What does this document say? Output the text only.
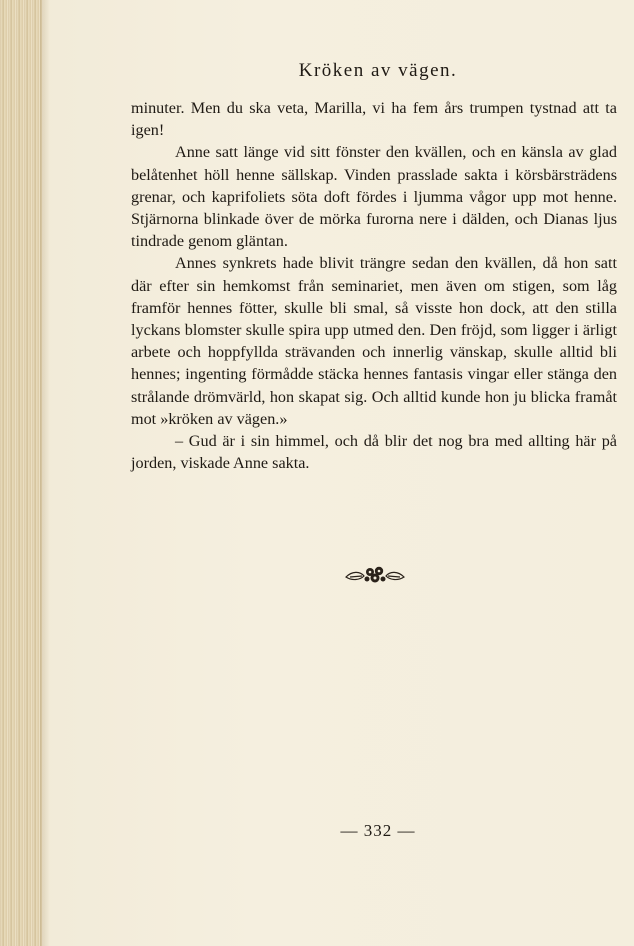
Kröken av vägen.

minuter. Men du ska veta, Marilla, vi ha fem års trumpen tystnad att ta igen!

Anne satt länge vid sitt fönster den kvällen, och en känsla av glad belåtenhet höll henne sällskap. Vinden prasslade sakta i körsbärsträdens grenar, och kaprifoliets söta doft fördes i ljumma vågor upp mot henne. Stjärnorna blinkade över de mörka furorna nere i dälden, och Dianas ljus tindrade genom gläntan.

Annes synkrets hade blivit trängre sedan den kvällen, då hon satt där efter sin hemkomst från seminariet, men även om stigen, som låg framför hennes fötter, skulle bli smal, så visste hon dock, att den stilla lyckans blomster skulle spira upp utmed den. Den fröjd, som ligger i ärligt arbete och hoppfyllda strävanden och innerlig vänskap, skulle alltid bli hennes; ingenting förmådde stäcka hennes fantasis vingar eller stänga den strålande drömvärld, hon skapat sig. Och alltid kunde hon ju blicka framåt mot »kröken av vägen.»

– Gud är i sin himmel, och då blir det nog bra med allting här på jorden, viskade Anne sakta.

— 332 —
